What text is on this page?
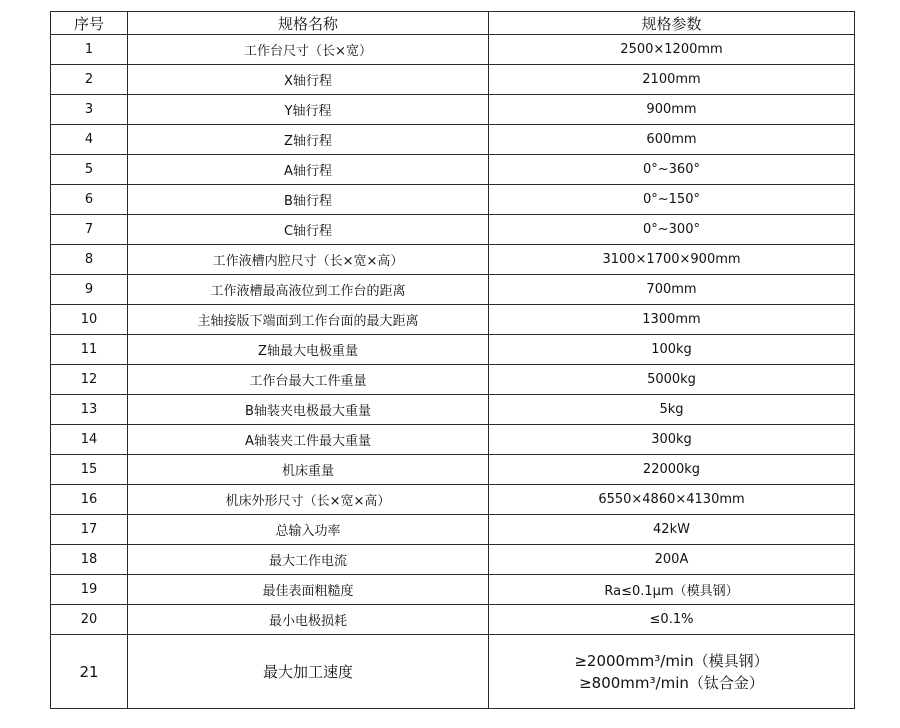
序号	规格名称	规格参数
1	工作台尺寸（长×宽）	2500×1200mm
2	X轴行程	2100mm
3	Y轴行程	900mm
4	Z轴行程	600mm
5	A轴行程	0°~360°
6	B轴行程	0°~150°
7	C轴行程	0°~300°
8	工作液槽内腔尺寸（长×宽×高）	3100×1700×900mm
9	工作液槽最高液位到工作台的距离	700mm
10	主轴接版下端面到工作台面的最大距离	1300mm
11	Z轴最大电极重量	100kg
12	工作台最大工件重量	5000kg
13	B轴装夹电极最大重量	5kg
14	A轴装夹工件最大重量	300kg
15	机床重量	22000kg
16	机床外形尺寸（长×宽×高）	6550×4860×4130mm
17	总输入功率	42kW
18	最大工作电流	200A
19	最佳表面粗糙度	Ra≤0.1μm（模具钢）
20	最小电极损耗	≤0.1%
21	最大加工速度	≥2000mm³/min（模具钢）
≥800mm³/min（钛合金）
